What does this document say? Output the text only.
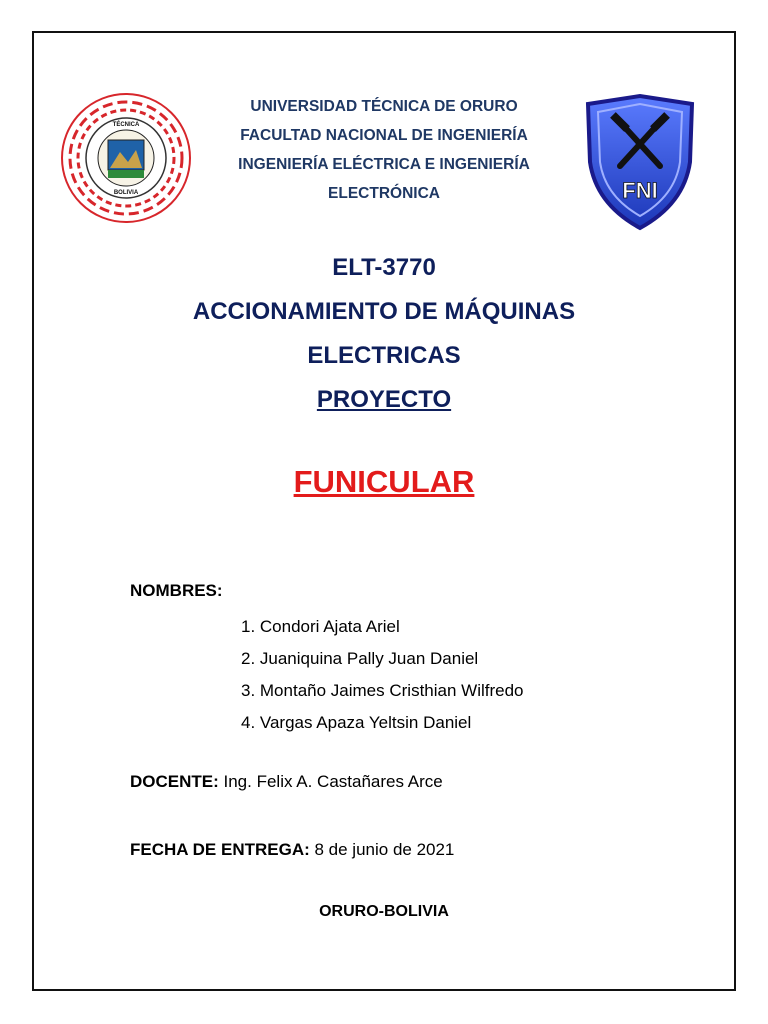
TÉCNICA
BOLIVIA
UNIVERSIDAD TÉCNICA DE ORURO
FACULTAD NACIONAL DE INGENIERÍA
INGENIERÍA ELÉCTRICA E INGENIERÍA
ELECTRÓNICA	FNI
ELT-3770
ACCIONAMIENTO DE MÁQUINAS
ELECTRICAS
PROYECTO
FUNICULAR
NOMBRES:
1. Condori Ajata Ariel
2. Juaniquina Pally Juan Daniel
3. Montaño Jaimes Cristhian Wilfredo
4. Vargas Apaza Yeltsin Daniel
DOCENTE: Ing. Felix A. Castañares Arce
FECHA DE ENTREGA: 8 de junio de 2021
ORURO-BOLIVIA
